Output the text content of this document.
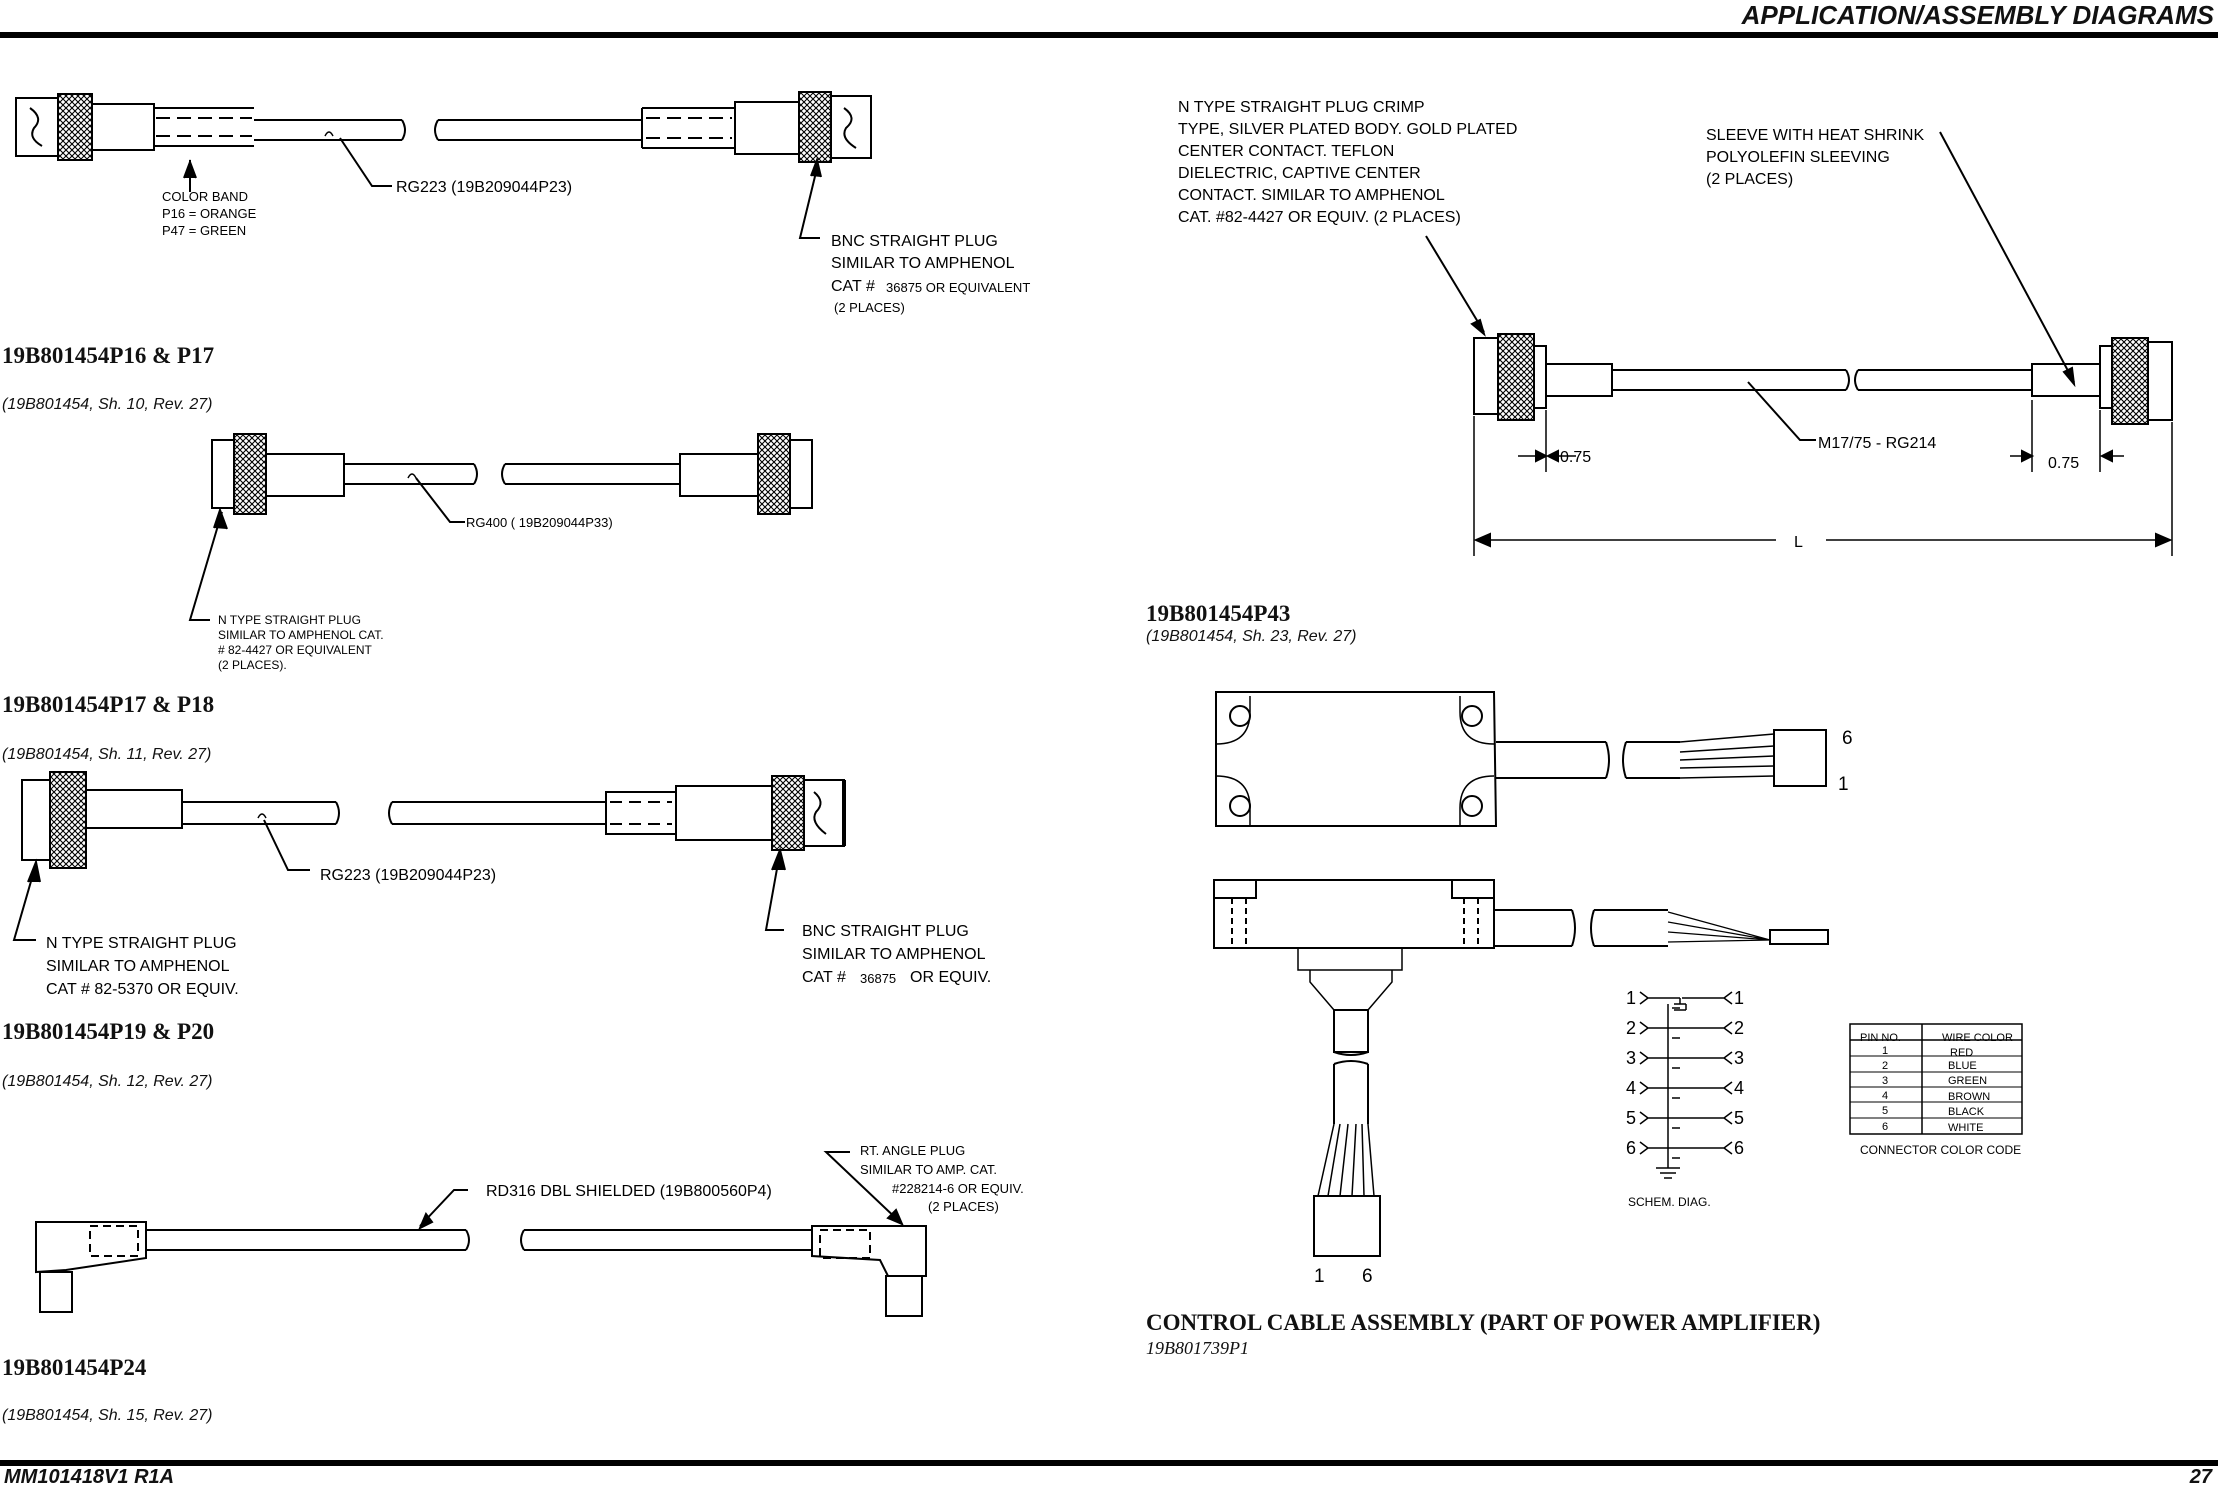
APPLICATION/ASSEMBLY DIAGRAMS
MM101418V1 R1A	27
19B801454P16 & P17
(19B801454, Sh. 10, Rev. 27)
19B801454P17 & P18
(19B801454, Sh. 11, Rev. 27)
19B801454P19 & P20
(19B801454, Sh. 12, Rev. 27)
19B801454P24
(19B801454, Sh. 15, Rev. 27)
19B801454P43
(19B801454, Sh. 23, Rev. 27)
CONTROL CABLE ASSEMBLY (PART OF POWER AMPLIFIER)
19B801739P1
COLOR BAND
P16 = ORANGE
P47 = GREEN
RG223 (19B209044P23)
BNC STRAIGHT PLUG
SIMILAR TO AMPHENOL
CAT # 36875 OR EQUIVALENT
(2 PLACES)
RG400 ( 19B209044P33)
N TYPE STRAIGHT PLUG
SIMILAR TO AMPHENOL CAT.
# 82-4427 OR EQUIVALENT
(2 PLACES).
RG223 (19B209044P23)
N TYPE STRAIGHT PLUG
SIMILAR TO AMPHENOL
CAT # 82-5370 OR EQUIV.
BNC STRAIGHT PLUG
SIMILAR TO AMPHENOL
CAT # 36875 OR EQUIV.
RD316 DBL SHIELDED (19B800560P4)
RT. ANGLE PLUG
SIMILAR TO AMP. CAT.
#228214-6 OR EQUIV.
(2 PLACES)
N TYPE STRAIGHT PLUG CRIMP
TYPE, SILVER PLATED BODY. GOLD PLATED
CENTER CONTACT. TEFLON
DIELECTRIC, CAPTIVE CENTER
CONTACT. SIMILAR TO AMPHENOL
CAT. #82-4427 OR EQUIV. (2 PLACES)
SLEEVE WITH HEAT SHRINK
POLYOLEFIN SLEEVING
(2 PLACES)
M17/75 - RG214
0.75	0.75
L
6
1
1 6
1
2
3
4
5
6
1
2
3
4
5
6
SCHEM. DIAG.
PIN NO.	WIRE COLOR
1	RED
2	BLUE
3	GREEN
4	BROWN
5	BLACK
6	WHITE
CONNECTOR COLOR CODE
